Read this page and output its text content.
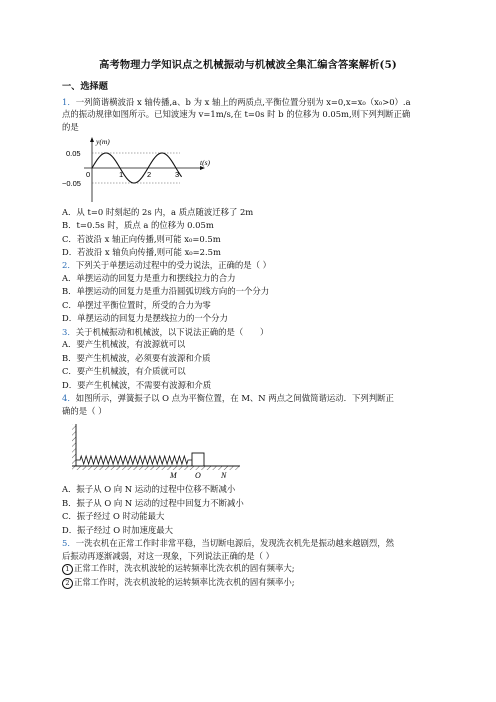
高考物理力学知识点之机械振动与机械波全集汇编含答案解析(5)
一、选择题
1．一列简谐横波沿 x 轴传播,a、b 为 x 轴上的两质点,平衡位置分别为 x=0,x=x₀（x₀>0）.a
点的振动规律如图所示。已知波速为 v=1m/s,在 t=0s 时 b 的位移为 0.05m,则下列判断正确
的是
y(m)
t(s)
0.05
−0.05
0	1	2	3
A．从 t=0 时刻起的 2s 内，a 质点随波迁移了 2m
B．t=0.5s 时，质点 a 的位移为 0.05m
C．若波沿 x 轴正向传播,则可能 x₀=0.5m
D．若波沿 x 轴负向传播,则可能 x₀=2.5m
2．下列关于单摆运动过程中的受力说法，正确的是（ ）
A．单摆运动的回复力是重力和摆线拉力的合力
B．单摆运动的回复力是重力沿圆弧切线方向的一个分力
C．单摆过平衡位置时，所受的合力为零
D．单摆运动的回复力是摆线拉力的一个分力
3．关于机械振动和机械波，以下说法正确的是（　　）
A．要产生机械波，有波源就可以
B．要产生机械波，必须要有波源和介质
C．要产生机械波，有介质就可以
D．要产生机械波，不需要有波源和介质
4．如图所示，弹簧振子以 O 点为平衡位置，在 M、N 两点之间做简谐运动．下列判断正
确的是（ ）
M O	N
A．振子从 O 向 N 运动的过程中位移不断减小
B．振子从 O 向 N 运动的过程中回复力不断减小
C．振子经过 O 时动能最大
D．振子经过 O 时加速度最大
5．一洗衣机在正常工作时非常平稳，当切断电源后，发现洗衣机先是振动越来越剧烈，然
后振动再逐渐减弱，对这一现象，下列说法正确的是（ ）
1 正常工作时，洗衣机波轮的运转频率比洗衣机的固有频率大;
2 正常工作时，洗衣机波轮的运转频率比洗衣机的固有频率小;
